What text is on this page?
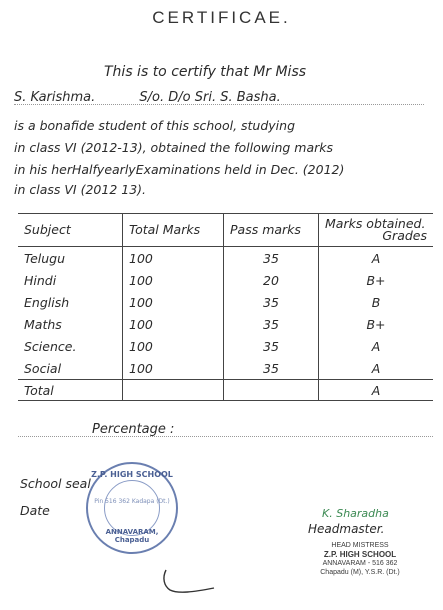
CERTIFICAE.
This is to certify that Mr Miss
S. Karishma.	S/o. D/o Sri. S. Basha.
is a bonafide student of this school, studying
in class VI (2012-13), obtained the following marks
in his herHalfyearlyExaminations held in Dec. (2012)
in class VI (2012 13).
Subject	Total Marks	Pass marks	Marks obtained.
Grades

Telugu	100	35	A
Hindi	100	20	B+
English	100	35	B
Maths	100	35	B+
Science.	100	35	A
Social	100	35	A
Total			A
Percentage :
School seal
Date
Z.P. HIGH SCHOOL
Pin 516 362 Kadapa (Dt.)
ANNAVARAM, Chapadu
K. Sharadha
Headmaster.
HEAD MISTRESS
Z.P. HIGH SCHOOL
ANNAVARAM - 516 362
Chapadu (M), Y.S.R. (Dt.)
